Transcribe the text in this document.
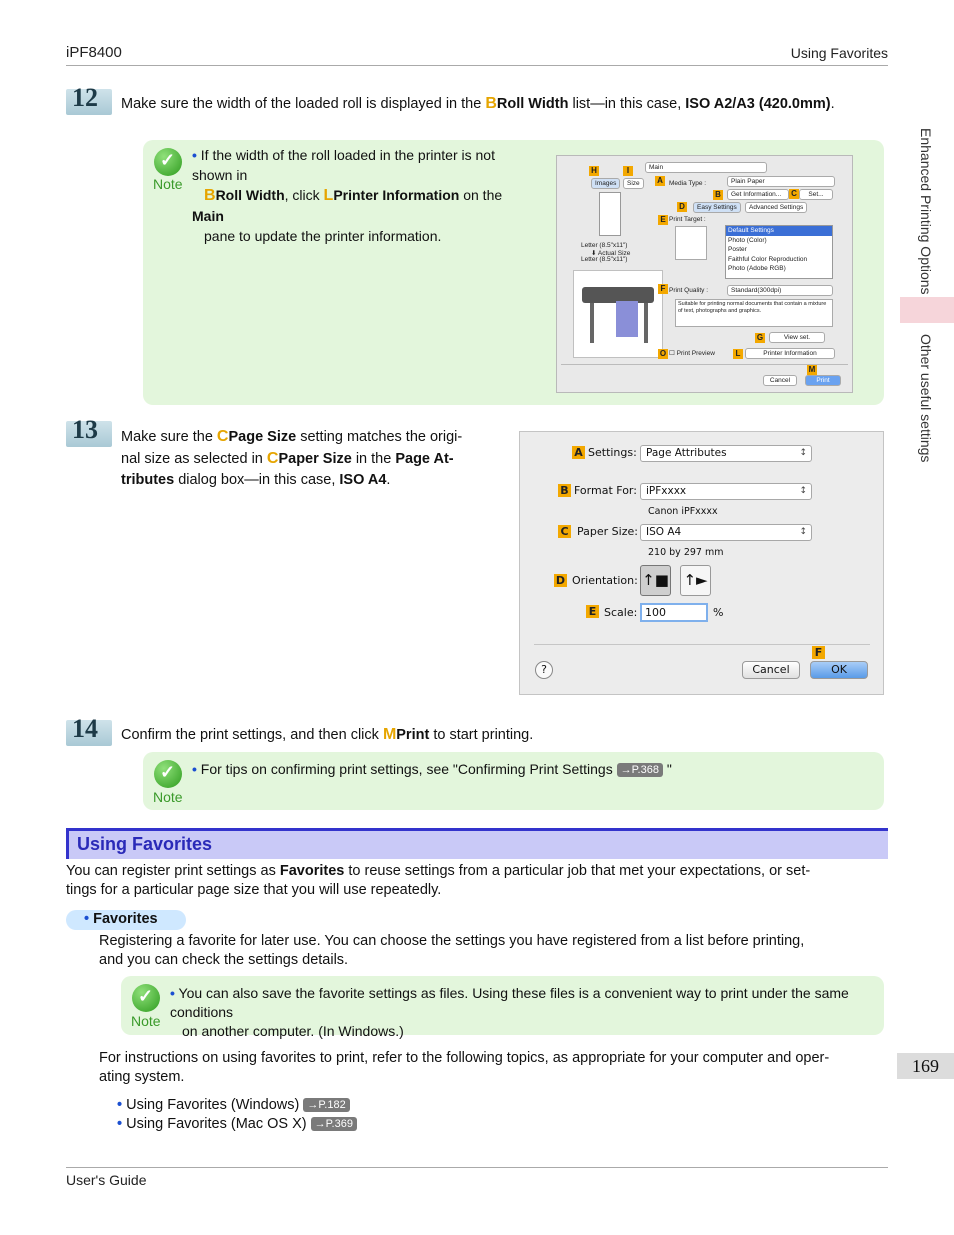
iPF8400	Using Favorites
Enhanced Printing Options
Other useful settings
169
12 Make sure the width of the loaded roll is displayed in the BRoll Width list—in this case, ISO A2/A3 (420.0mm).
✓
Note
• If the width of the roll loaded in the printer is not shown in
BRoll Width, click LPrinter Information on the Main
pane to update the printer information.
Main
Images	Size
Letter (8.5"x11")
⬇ Actual Size
Letter (8.5"x11")
Media Type :	Plain Paper
Get Information...	Set...
Easy Settings	Advanced Settings
Print Target :
Default Settings
Photo (Color)
Poster
Faithful Color Reproduction
Photo (Adobe RGB)
Print Quality :	Standard(300dpi)
Suitable for printing normal documents that contain a mixture of text, photographs and graphics.
View set.
☐ Print Preview	Printer Information
Cancel	Print
H	I
A
B	C
D
E
F
G
O	L
M
13 Make sure the CPage Size setting matches the origi-
nal size as selected in CPaper Size in the Page At-
tributes dialog box—in this case, ISO A4.
A Settings: Page Attributes ↕
B Format For: iPFxxxx ↕
Canon iPFxxxx
C Paper Size: ISO A4 ↕
210 by 297 mm
D Orientation: ↑■ ↑►
E Scale: 100	%
?	Cancel
F
OK
14 Confirm the print settings, and then click MPrint to start printing.
✓
Note
• For tips on confirming print settings, see "Confirming Print Settings →P.368 "
Using Favorites
You can register print settings as Favorites to reuse settings from a particular job that met your expectations, or set-
tings for a particular page size that you will use repeatedly.
• Favorites
Registering a favorite for later use. You can choose the settings you have registered from a list before printing,
and you can check the settings details.
✓
Note
• You can also save the favorite settings as files. Using these files is a convenient way to print under the same conditions
on another computer. (In Windows.)
For instructions on using favorites to print, refer to the following topics, as appropriate for your computer and oper-
ating system.
• Using Favorites (Windows) →P.182
• Using Favorites (Mac OS X) →P.369
User's Guide
